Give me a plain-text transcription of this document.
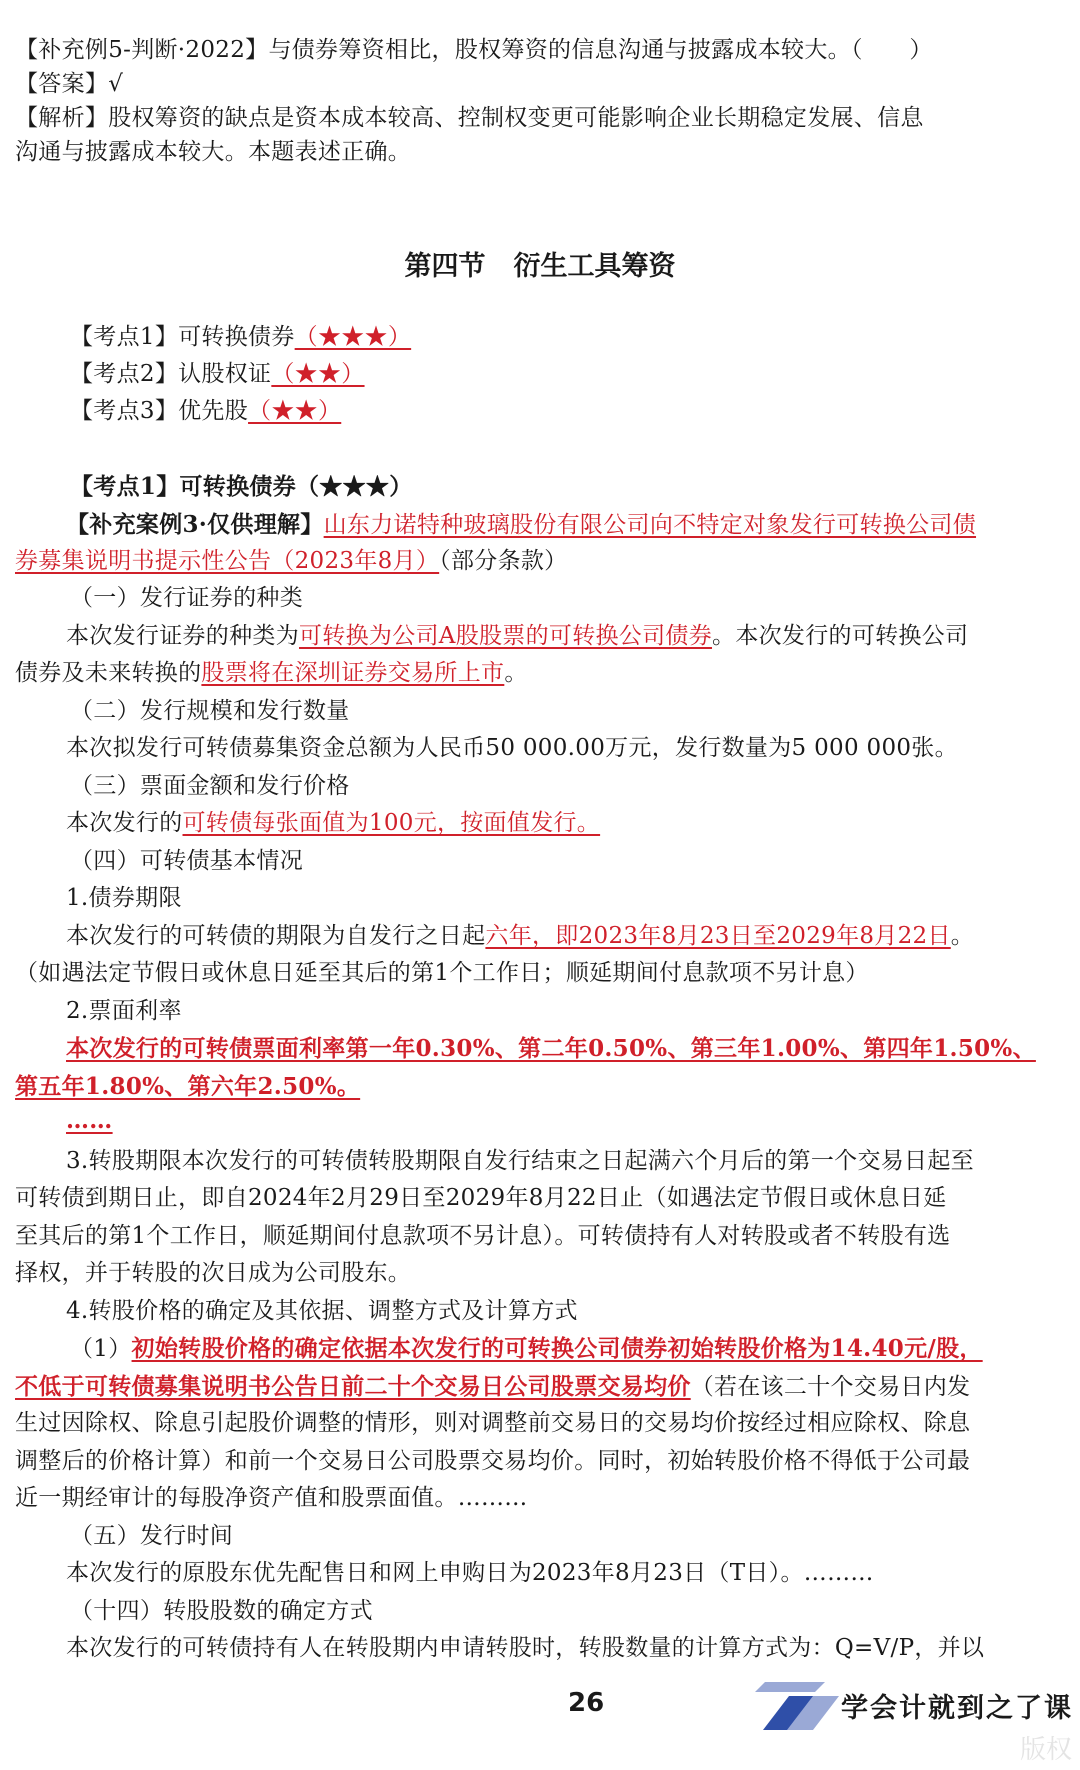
【补充例5-判断·2022】与债券筹资相比，股权筹资的信息沟通与披露成本较大。（　　）
【答案】√
【解析】股权筹资的缺点是资本成本较高、控制权变更可能影响企业长期稳定发展、信息
沟通与披露成本较大。本题表述正确。
第四节 衍生工具筹资
【考点1】可转换债券（★★★）
【考点2】认股权证（★★）
【考点3】优先股（★★）
【考点1】可转换债券（★★★）
【补充案例3·仅供理解】山东力诺特种玻璃股份有限公司向不特定对象发行可转换公司债
券募集说明书提示性公告（2023年8月）（部分条款）
（一）发行证券的种类
本次发行证券的种类为可转换为公司A股股票的可转换公司债券。本次发行的可转换公司
债券及未来转换的股票将在深圳证券交易所上市。
（二）发行规模和发行数量
本次拟发行可转债募集资金总额为人民币50 000.00万元，发行数量为5 000 000张。
（三）票面金额和发行价格
本次发行的可转债每张面值为100元，按面值发行。
（四）可转债基本情况
1.债券期限
本次发行的可转债的期限为自发行之日起六年，即2023年8月23日至2029年8月22日。
（如遇法定节假日或休息日延至其后的第1个工作日；顺延期间付息款项不另计息）
2.票面利率
本次发行的可转债票面利率第一年0.30%、第二年0.50%、第三年1.00%、第四年1.50%、
第五年1.80%、第六年2.50%。
……
3.转股期限本次发行的可转债转股期限自发行结束之日起满六个月后的第一个交易日起至
可转债到期日止，即自2024年2月29日至2029年8月22日止（如遇法定节假日或休息日延
至其后的第1个工作日，顺延期间付息款项不另计息）。可转债持有人对转股或者不转股有选
择权，并于转股的次日成为公司股东。
4.转股价格的确定及其依据、调整方式及计算方式
（1）初始转股价格的确定依据本次发行的可转换公司债券初始转股价格为14.40元/股，
不低于可转债募集说明书公告日前二十个交易日公司股票交易均价（若在该二十个交易日内发
生过因除权、除息引起股价调整的情形，则对调整前交易日的交易均价按经过相应除权、除息
调整后的价格计算）和前一个交易日公司股票交易均价。同时，初始转股价格不得低于公司最
近一期经审计的每股净资产值和股票面值。………
（五）发行时间
本次发行的原股东优先配售日和网上申购日为2023年8月23日（T日）。………
（十四）转股股数的确定方式
本次发行的可转债持有人在转股期内申请转股时，转股数量的计算方式为：Q=V/P，并以
26	学会计就到之了课
版权
